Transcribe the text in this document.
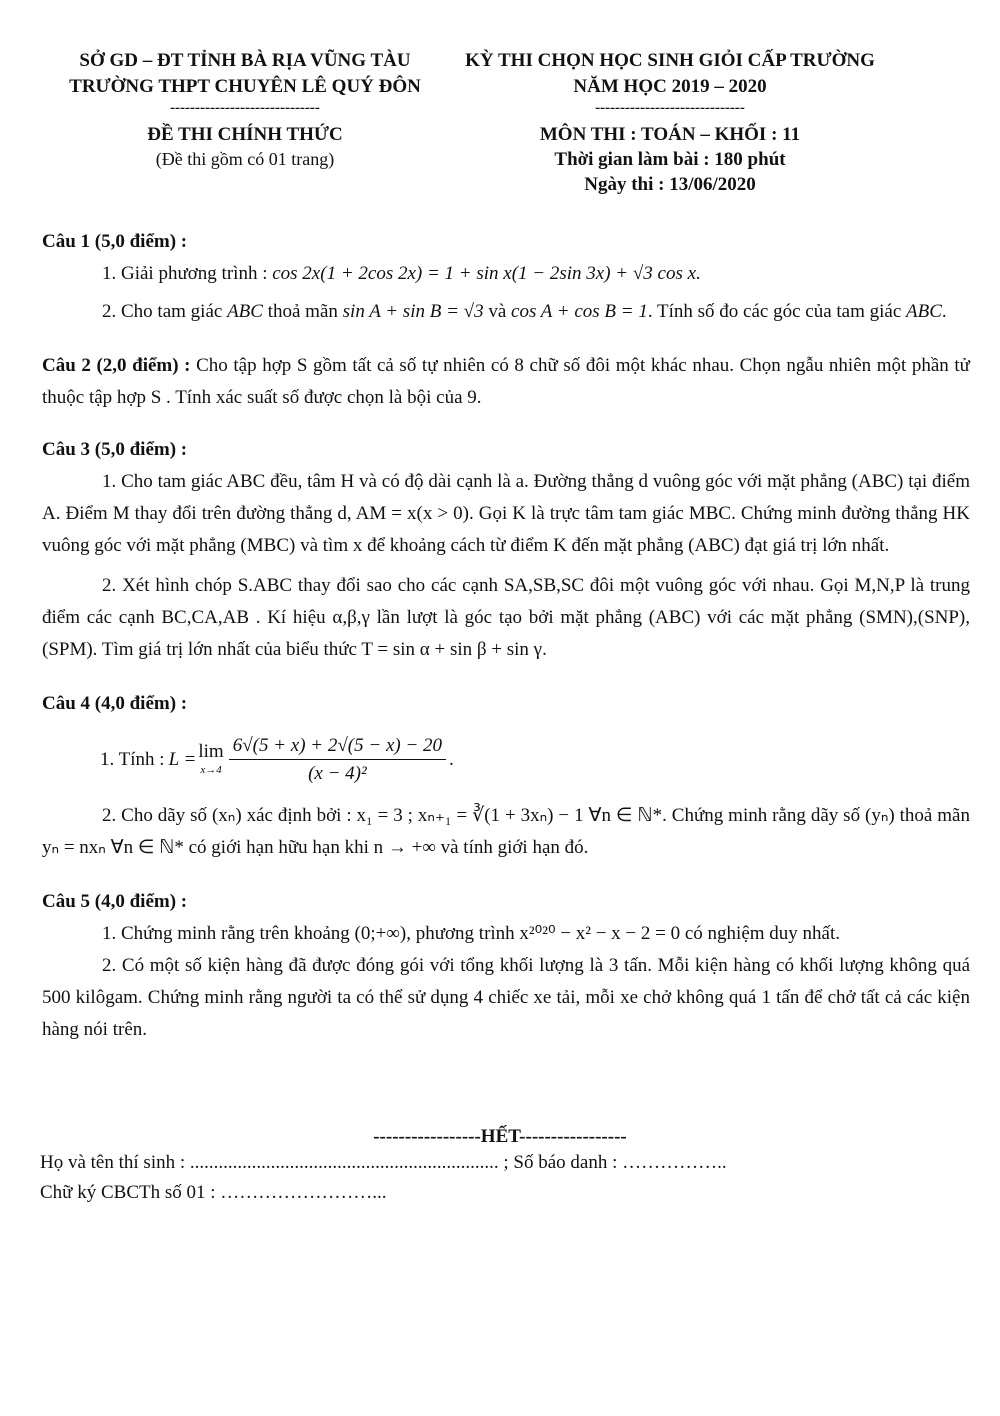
SỞ GD – ĐT TỈNH BÀ RỊA VŨNG TÀU
TRƯỜNG THPT CHUYÊN LÊ QUÝ ĐÔN
------------------------------
ĐỀ THI CHÍNH THỨC
(Đề thi gồm có 01 trang)
KỲ THI CHỌN HỌC SINH GIỎI CẤP TRƯỜNG
NĂM HỌC 2019 – 2020
------------------------------
MÔN THI : TOÁN – KHỐI : 11
Thời gian làm bài : 180 phút
Ngày thi : 13/06/2020
Câu 1 (5,0 điểm) :
1. Giải phương trình : cos 2x(1 + 2cos 2x) = 1 + sin x(1 − 2sin 3x) + √3 cos x.
2. Cho tam giác ABC thoả mãn sin A + sin B = √3 và cos A + cos B = 1. Tính số đo các góc của tam giác ABC.
Câu 2 (2,0 điểm) : Cho tập hợp S gồm tất cả số tự nhiên có 8 chữ số đôi một khác nhau. Chọn ngẫu nhiên một phần tử thuộc tập hợp S . Tính xác suất số được chọn là bội của 9.
Câu 3 (5,0 điểm) :
1. Cho tam giác ABC đều, tâm H và có độ dài cạnh là a. Đường thẳng d vuông góc với mặt phẳng (ABC) tại điểm A. Điểm M thay đổi trên đường thẳng d, AM = x(x > 0). Gọi K là trực tâm tam giác MBC. Chứng minh đường thẳng HK vuông góc với mặt phẳng (MBC) và tìm x để khoảng cách từ điểm K đến mặt phẳng (ABC) đạt giá trị lớn nhất.
2. Xét hình chóp S.ABC thay đổi sao cho các cạnh SA,SB,SC đôi một vuông góc với nhau. Gọi M,N,P là trung điểm các cạnh BC,CA,AB . Kí hiệu α,β,γ lần lượt là góc tạo bởi mặt phẳng (ABC) với các mặt phẳng (SMN),(SNP),(SPM). Tìm giá trị lớn nhất của biểu thức T = sin α + sin β + sin γ.
Câu 4 (4,0 điểm) :
1. Tính : L = lim
$x\to 4 \frac{6√(5 + x) + 2√(5 - x) - 20}{\text{(x − 4)²}}$ .
2. Cho dãy số (xₙ) xác định bởi : x₁ = 3 ; xₙ₊₁ = ∛(1 + 3xₙ) − 1 ∀n ∈ ℕ*. Chứng minh rằng dãy số (yₙ) thoả mãn yₙ = nxₙ ∀n ∈ ℕ* có giới hạn hữu hạn khi n → +∞ và tính giới hạn đó.
Câu 5 (4,0 điểm) :
1. Chứng minh rằng trên khoảng (0;+∞), phương trình x²⁰²⁰ − x² − x − 2 = 0 có nghiệm duy nhất.
2. Có một số kiện hàng đã được đóng gói với tổng khối lượng là 3 tấn. Mỗi kiện hàng có khối lượng không quá 500 kilôgam. Chứng minh rằng người ta có thể sử dụng 4 chiếc xe tải, mỗi xe chở không quá 1 tấn để chở tất cả các kiện hàng nói trên.
-----------------HẾT-----------------
Họ và tên thí sinh : ................................................................. ; Số báo danh : ……………..
Chữ ký CBCTh số 01 : ……………………...
